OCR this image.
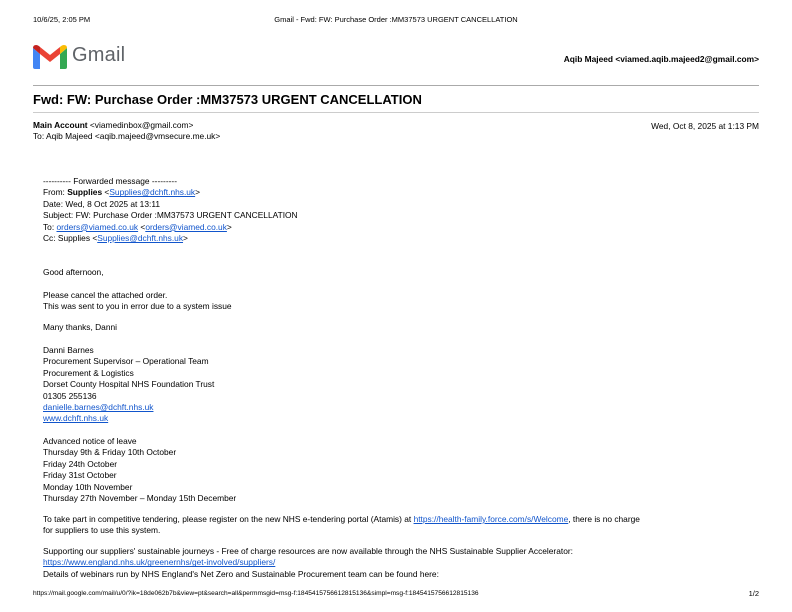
10/6/25, 2:05 PM	Gmail - Fwd: FW: Purchase Order :MM37573 URGENT CANCELLATION
Gmail	Aqib Majeed <viamed.aqib.majeed2@gmail.com>
Fwd: FW: Purchase Order :MM37573 URGENT CANCELLATION
Main Account <viamedinbox@gmail.com>
To: Aqib Majeed <aqib.majeed@vmsecure.me.uk>
Wed, Oct 8, 2025 at 1:13 PM
---------- Forwarded message ---------
From: Supplies <Supplies@dchft.nhs.uk>
Date: Wed, 8 Oct 2025 at 13:11
Subject: FW: Purchase Order :MM37573 URGENT CANCELLATION
To: orders@viamed.co.uk <orders@viamed.co.uk>
Cc: Supplies <Supplies@dchft.nhs.uk>
Good afternoon,
Please cancel the attached order.
This was sent to you in error due to a system issue
Many thanks, Danni
Danni Barnes
Procurement Supervisor – Operational Team
Procurement & Logistics
Dorset County Hospital NHS Foundation Trust
01305 255136
danielle.barnes@dchft.nhs.uk
www.dchft.nhs.uk
Advanced notice of leave
Thursday 9th & Friday 10th October
Friday 24th October
Friday 31st October
Monday 10th November
Thursday 27th November – Monday 15th December
To take part in competitive tendering, please register on the new NHS e-tendering portal (Atamis) at https://health-family.force.com/s/Welcome, there is no charge
for suppliers to use this system.
Supporting our suppliers' sustainable journeys - Free of charge resources are now available through the NHS Sustainable Supplier Accelerator:
https://www.england.nhs.uk/greenernhs/get-involved/suppliers/
Details of webinars run by NHS England's Net Zero and Sustainable Procurement team can be found here:
https://mail.google.com/mail/u/0/?ik=18de062b7b&view=pt&search=all&permmsgid=msg-f:1845415756612815136&simpl=msg-f:1845415756612815136	1/2
